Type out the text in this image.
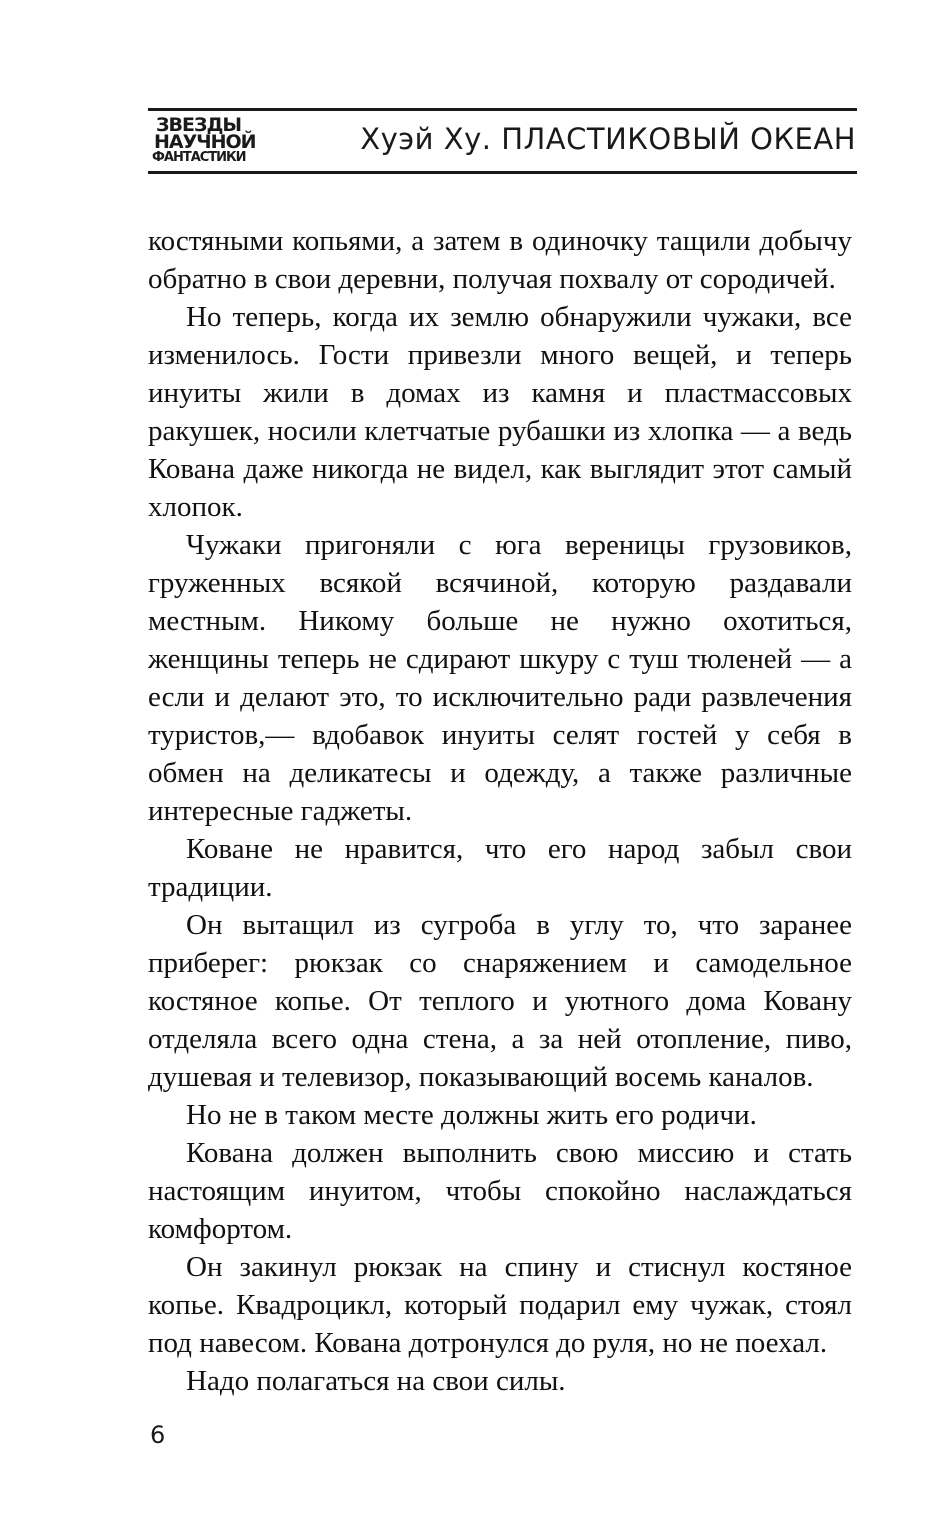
ЗВЕЗДЫ
НАУЧНОЙ
ФАНТАСТИКИ
Хуэй Ху. ПЛАСТИКОВЫЙ ОКЕАН

костяными копьями, а затем в одиночку тащили добычу обратно в свои деревни, получая похвалу от сородичей.

Но теперь, когда их землю обнаружили чужаки, все изменилось. Гости привезли много вещей, и теперь инуиты жили в домах из камня и пластмассовых ракушек, носили клетчатые рубашки из хлопка — а ведь Кована даже никогда не видел, как выглядит этот самый хлопок.

Чужаки пригоняли с юга вереницы грузовиков, груженных всякой всячиной, которую раздавали местным. Никому больше не нужно охотиться, женщины теперь не сдирают шкуру с туш тюленей — а если и делают это, то исключительно ради развлечения туристов,— вдобавок инуиты селят гостей у себя в обмен на деликатесы и одежду, а также различные интересные гаджеты.

Коване не нравится, что его народ забыл свои традиции.

Он вытащил из сугроба в углу то, что заранее приберег: рюкзак со снаряжением и самодельное костяное копье. От теплого и уютного дома Ковану отделяла всего одна стена, а за ней отопление, пиво, душевая и телевизор, показывающий восемь каналов.

Но не в таком месте должны жить его родичи.

Кована должен выполнить свою миссию и стать настоящим инуитом, чтобы спокойно наслаждаться комфортом.

Он закинул рюкзак на спину и стиснул костяное копье. Квадроцикл, который подарил ему чужак, стоял под навесом. Кована дотронулся до руля, но не поехал.

Надо полагаться на свои силы.

6
